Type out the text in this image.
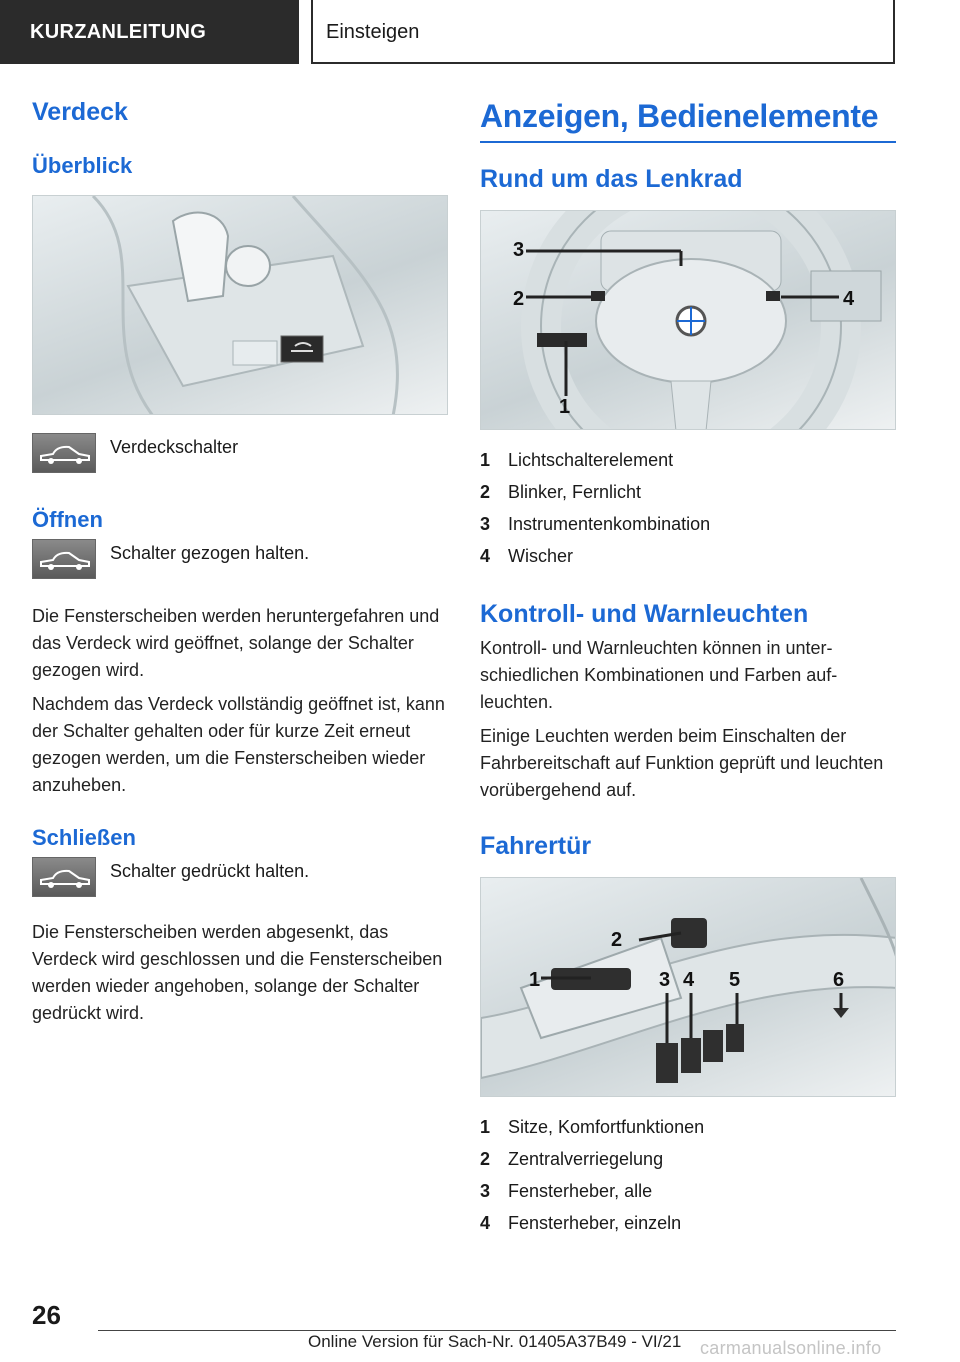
KURZANLEITUNG	Einsteigen
Verdeck
Überblick
Verdeckschalter
Öffnen
Schalter gezogen halten.

Die Fensterscheiben werden heruntergefahren und das Verdeck wird geöffnet, solange der Schalter gezogen wird.

Nachdem das Verdeck vollständig geöffnet ist, kann der Schalter gehalten oder für kurze Zeit erneut gezogen werden, um die Fensterscheiben wieder anzuheben.

Schließen
Schalter gedrückt halten.

Die Fensterscheiben werden abgesenkt, das Verdeck wird geschlossen und die Fensterscheiben werden wieder angehoben, solange der Schalter gedrückt wird.

Anzeigen, Bedienelemente
Rund um das Lenkrad
3
2	4
1
1 Lichtschalterelement
2 Blinker, Fernlicht
3 Instrumentenkombination
4 Wischer
Kontroll- und Warnleuchten

Kontroll- und Warnleuchten können in unterschiedlichen Kombinationen und Farben aufleuchten.

Einige Leuchten werden beim Einschalten der Fahrbereitschaft auf Funktion geprüft und leuchten vorübergehend auf.

Fahrertür
1
2
3 4 5	6
1 Sitze, Komfortfunktionen
2 Zentralverriegelung
3 Fensterheber, alle
4 Fensterheber, einzeln
26
Online Version für Sach-Nr. 01405A37B49 - VI/21 carmanualsonline.info
